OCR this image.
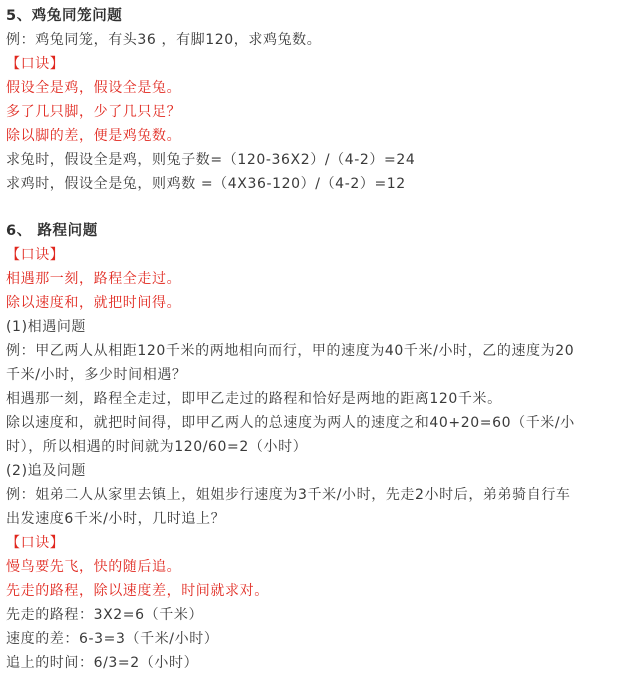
5、鸡兔同笼问题
例：鸡兔同笼，有头36 ，有脚120，求鸡兔数。
【口诀】
假设全是鸡，假设全是兔。
多了几只脚，少了几只足？
除以脚的差，便是鸡兔数。
求兔时，假设全是鸡，则兔子数=（120-36X2）/（4-2）=24
求鸡时，假设全是兔，则鸡数 =（4X36-120）/（4-2）=12
6、 路程问题
【口诀】
相遇那一刻，路程全走过。
除以速度和，就把时间得。
(1)相遇问题
例：甲乙两人从相距120千米的两地相向而行，甲的速度为40千米/小时，乙的速度为20
千米/小时，多少时间相遇？
相遇那一刻，路程全走过，即甲乙走过的路程和恰好是两地的距离120千米。
除以速度和，就把时间得，即甲乙两人的总速度为两人的速度之和40+20=60（千米/小
时），所以相遇的时间就为120/60=2（小时）
(2)追及问题
例：姐弟二人从家里去镇上，姐姐步行速度为3千米/小时，先走2小时后，弟弟骑自行车
出发速度6千米/小时，几时追上？
【口诀】
慢鸟要先飞，快的随后追。
先走的路程，除以速度差，时间就求对。
先走的路程：3X2=6（千米）
速度的差：6-3=3（千米/小时）
追上的时间：6/3=2（小时）
